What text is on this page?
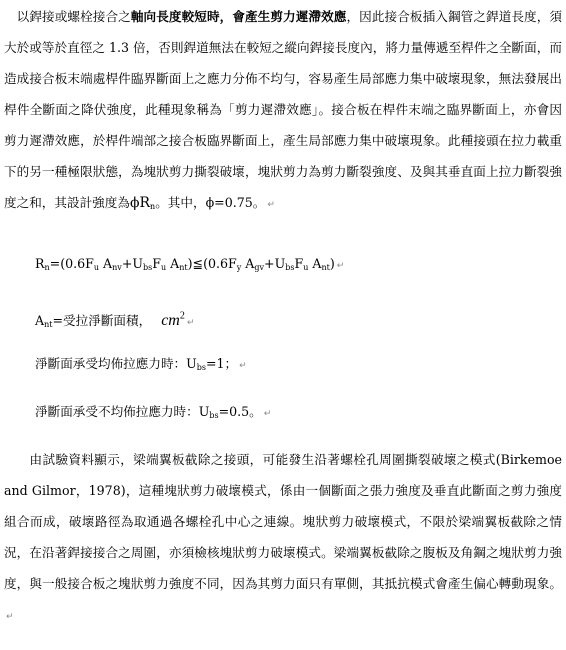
 以銲接或螺栓接合之軸向長度較短時，會產生剪力遲滯效應，因此接合板插入鋼管之銲道長度，須大於或等於直徑之 1.3 倍，否則銲道無法在較短之縱向銲接長度內，將力量傳遞至桿件之全斷面，而造成接合板末端處桿件臨界斷面上之應力分佈不均勻，容易產生局部應力集中破壞現象，無法發展出桿件全斷面之降伏強度，此種現象稱為「剪力遲滯效應」。接合板在桿件末端之臨界斷面上，亦會因剪力遲滯效應，於桿件端部之接合板臨界斷面上，產生局部應力集中破壞現象。此種接頭在拉力載重下的另一種極限狀態，為塊狀剪力撕裂破壞，塊狀剪力為剪力斷裂強度、及與其垂直面上拉力斷裂強度之和，其設計強度為$\phi R_n$。其中，ϕ=0.75。 ↵

$R_n=(0.6F_u$ $A_{nv}+U_{bs}F_u$ $A_{nt})≦(0.6F_y$ $A_{gv}+U_{bs}F_u$ $A_{nt}$) ↵
$A_{nt}=$受拉淨斷面積， $cm^2↵$
淨斷面承受均佈拉應力時：$U_{bs}=1$； ↵
淨斷面承受不均佈拉應力時：$U_{bs}=0.5$。 ↵

  由試驗資料顯示，梁端翼板截除之接頭，可能發生沿著螺栓孔周圍撕裂破壞之模式(Birkemoe and Gilmor，1978)，這種塊狀剪力破壞模式，係由一個斷面之張力強度及垂直此斷面之剪力強度組合而成，破壞路徑為取通過各螺栓孔中心之連線。塊狀剪力破壞模式，不限於梁端翼板截除之情況，在沿著銲接接合之周圍，亦須檢核塊狀剪力破壞模式。梁端翼板截除之腹板及角鋼之塊狀剪力強度，與一般接合板之塊狀剪力強度不同，因為其剪力面只有單側，其抵抗模式會產生偏心轉動現象。↵
